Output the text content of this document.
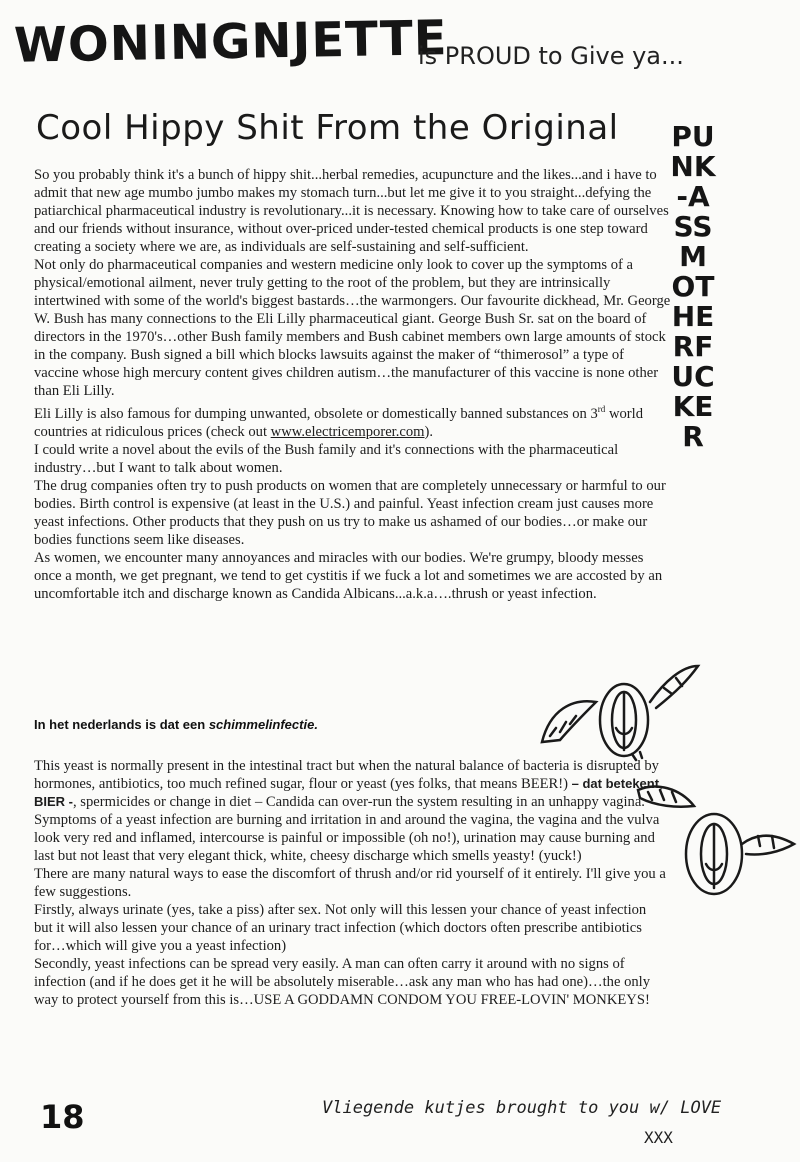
WONINGNJETTE
is PROUD to Give ya...
Cool Hippy Shit From the Original PUNK-ASS MOTHERFUCKER

So you probably think it's a bunch of hippy shit...herbal remedies, acupuncture and the likes...and i have to admit that new age mumbo jumbo makes my stomach turn...but let me give it to you straight...defying the patiarchical pharmaceutical industry is revolutionary...it is necessary. Knowing how to take care of ourselves and our friends without insurance, without over-priced under-tested chemical products is one step toward creating a society where we are, as individuals are self-sustaining and self-sufficient.

Not only do pharmaceutical companies and western medicine only look to cover up the symptoms of a physical/emotional ailment, never truly getting to the root of the problem, but they are intrinsically intertwined with some of the world's biggest bastards…the warmongers. Our favourite dickhead, Mr. George W. Bush has many connections to the Eli Lilly pharmaceutical giant. George Bush Sr. sat on the board of directors in the 1970's…other Bush family members and Bush cabinet members own large amounts of stock in the company. Bush signed a bill which blocks lawsuits against the maker of “thimerosol” a type of vaccine whose high mercury content gives children autism…the manufacturer of this vaccine is none other than Eli Lilly.

Eli Lilly is also famous for dumping unwanted, obsolete or domestically banned substances on 3rd world countries at ridiculous prices (check out www.electricemporer.com).

I could write a novel about the evils of the Bush family and it's connections with the pharmaceutical industry…but I want to talk about women.

The drug companies often try to push products on women that are completely unnecessary or harmful to our bodies. Birth control is expensive (at least in the U.S.) and painful. Yeast infection cream just causes more yeast infections. Other products that they push on us try to make us ashamed of our bodies…or make our bodies functions seem like diseases.

As women, we encounter many annoyances and miracles with our bodies. We're grumpy, bloody messes once a month, we get pregnant, we tend to get cystitis if we fuck a lot and sometimes we are accosted by an uncomfortable itch and discharge known as Candida Albicans...a.k.a….thrush or yeast infection.

In het nederlands is dat een schimmelinfectie.

This yeast is normally present in the intestinal tract but when the natural balance of bacteria is disrupted by hormones, antibiotics, too much refined sugar, flour or yeast (yes folks, that means BEER!) – dat betekent, BIER -, spermicides or change in diet – Candida can over-run the system resulting in an unhappy vagina.

Symptoms of a yeast infection are burning and irritation in and around the vagina, the vagina and the vulva look very red and inflamed, intercourse is painful or impossible (oh no!), urination may cause burning and last but not least that very elegant thick, white, cheesy discharge which smells yeasty! (yuck!)

There are many natural ways to ease the discomfort of thrush and/or rid yourself of it entirely. I'll give you a few suggestions.

Firstly, always urinate (yes, take a piss) after sex. Not only will this lessen your chance of yeast infection but it will also lessen your chance of an urinary tract infection (which doctors often prescribe antibiotics for…which will give you a yeast infection)

Secondly, yeast infections can be spread very easily. A man can often carry it around with no signs of infection (and if he does get it he will be absolutely miserable…ask any man who has had one)…the only way to protect yourself from this is…USE A GODDAMN CONDOM YOU FREE-LOVIN' MONKEYS!

18	Vliegende kutjes brought to you w/ LOVE
XXX
